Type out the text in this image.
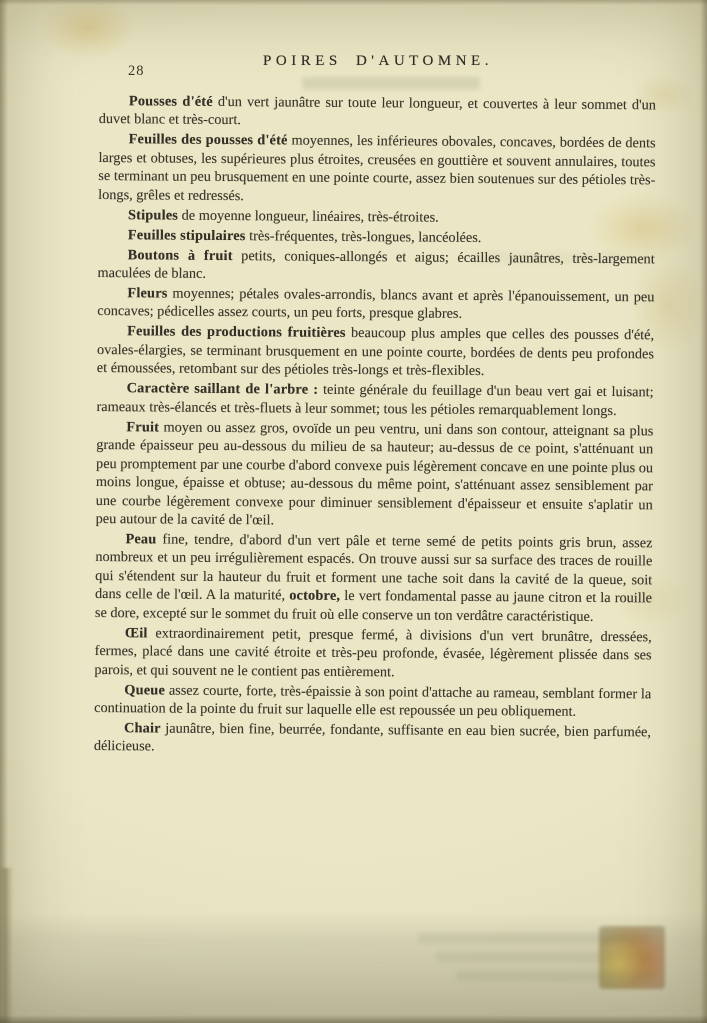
28
POIRES D'AUTOMNE.

Pousses d'été d'un vert jaunâtre sur toute leur longueur, et couvertes à leur sommet d'un duvet blanc et très-court.

Feuilles des pousses d'été moyennes, les inférieures obovales, concaves, bordées de dents larges et obtuses, les supérieures plus étroites, creusées en gouttière et souvent annulaires, toutes se terminant un peu brusquement en une pointe courte, assez bien soutenues sur des pétioles très-longs, grêles et redressés.

Stipules de moyenne longueur, linéaires, très-étroites.

Feuilles stipulaires très-fréquentes, très-longues, lancéolées.

Boutons à fruit petits, coniques-allongés et aigus; écailles jaunâtres, très-largement maculées de blanc.

Fleurs moyennes; pétales ovales-arrondis, blancs avant et après l'épanouissement, un peu concaves; pédicelles assez courts, un peu forts, presque glabres.

Feuilles des productions fruitières beaucoup plus amples que celles des pousses d'été, ovales-élargies, se terminant brusquement en une pointe courte, bordées de dents peu profondes et émoussées, retombant sur des pétioles très-longs et très-flexibles.

Caractère saillant de l'arbre : teinte générale du feuillage d'un beau vert gai et luisant; rameaux très-élancés et très-fluets à leur sommet; tous les pétioles remarquablement longs.

Fruit moyen ou assez gros, ovoïde un peu ventru, uni dans son contour, atteignant sa plus grande épaisseur peu au-dessous du milieu de sa hauteur; au-dessus de ce point, s'atténuant un peu promptement par une courbe d'abord convexe puis légèrement concave en une pointe plus ou moins longue, épaisse et obtuse; au-dessous du même point, s'atténuant assez sensiblement par une courbe légèrement convexe pour diminuer sensiblement d'épaisseur et ensuite s'aplatir un peu autour de la cavité de l'œil.

Peau fine, tendre, d'abord d'un vert pâle et terne semé de petits points gris brun, assez nombreux et un peu irrégulièrement espacés. On trouve aussi sur sa surface des traces de rouille qui s'étendent sur la hauteur du fruit et forment une tache soit dans la cavité de la queue, soit dans celle de l'œil. A la maturité, octobre, le vert fondamental passe au jaune citron et la rouille se dore, excepté sur le sommet du fruit où elle conserve un ton verdâtre caractéristique.

Œil extraordinairement petit, presque fermé, à divisions d'un vert brunâtre, dressées, fermes, placé dans une cavité étroite et très-peu profonde, évasée, légèrement plissée dans ses parois, et qui souvent ne le contient pas entièrement.

Queue assez courte, forte, très-épaissie à son point d'attache au rameau, semblant former la continuation de la pointe du fruit sur laquelle elle est repoussée un peu obliquement.

Chair jaunâtre, bien fine, beurrée, fondante, suffisante en eau bien sucrée, bien parfumée, délicieuse.
